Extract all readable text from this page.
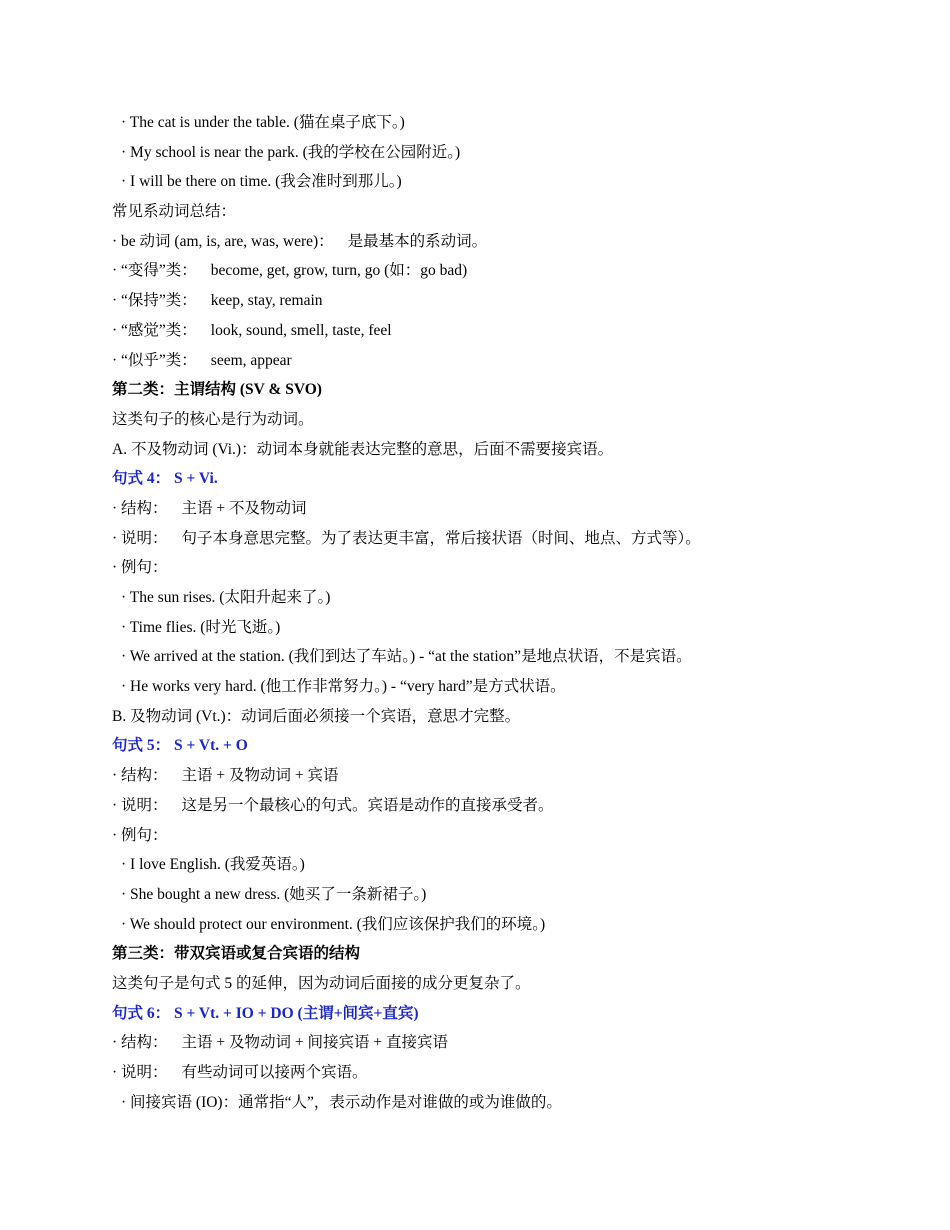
· The cat is under the table. (猫在桌子底下。)
· My school is near the park. (我的学校在公园附近。)
· I will be there on time. (我会准时到那儿。)
常见系动词总结：
· be 动词 (am, is, are, was, were)： 是最基本的系动词。
· “变得”类： become, get, grow, turn, go (如：go bad)
· “保持”类： keep, stay, remain
· “感觉”类： look, sound, smell, taste, feel
· “似乎”类： seem, appear
第二类：主谓结构 (SV & SVO)
这类句子的核心是行为动词。
A. 不及物动词 (Vi.)：动词本身就能表达完整的意思，后面不需要接宾语。
句式 4： S + Vi.
· 结构： 主语 + 不及物动词
· 说明： 句子本身意思完整。为了表达更丰富，常后接状语（时间、地点、方式等）。
· 例句：
· The sun rises. (太阳升起来了。)
· Time flies. (时光飞逝。)
· We arrived at the station. (我们到达了车站。) - “at the station”是地点状语，不是宾语。
· He works very hard. (他工作非常努力。) - “very hard”是方式状语。
B. 及物动词 (Vt.)：动词后面必须接一个宾语，意思才完整。
句式 5： S + Vt. + O
· 结构： 主语 + 及物动词 + 宾语
· 说明： 这是另一个最核心的句式。宾语是动作的直接承受者。
· 例句：
· I love English. (我爱英语。)
· She bought a new dress. (她买了一条新裙子。)
· We should protect our environment. (我们应该保护我们的环境。)
第三类：带双宾语或复合宾语的结构
这类句子是句式 5 的延伸，因为动词后面接的成分更复杂了。
句式 6： S + Vt. + IO + DO (主谓+间宾+直宾)
· 结构： 主语 + 及物动词 + 间接宾语 + 直接宾语
· 说明： 有些动词可以接两个宾语。
· 间接宾语 (IO)：通常指“人”，表示动作是对谁做的或为谁做的。
